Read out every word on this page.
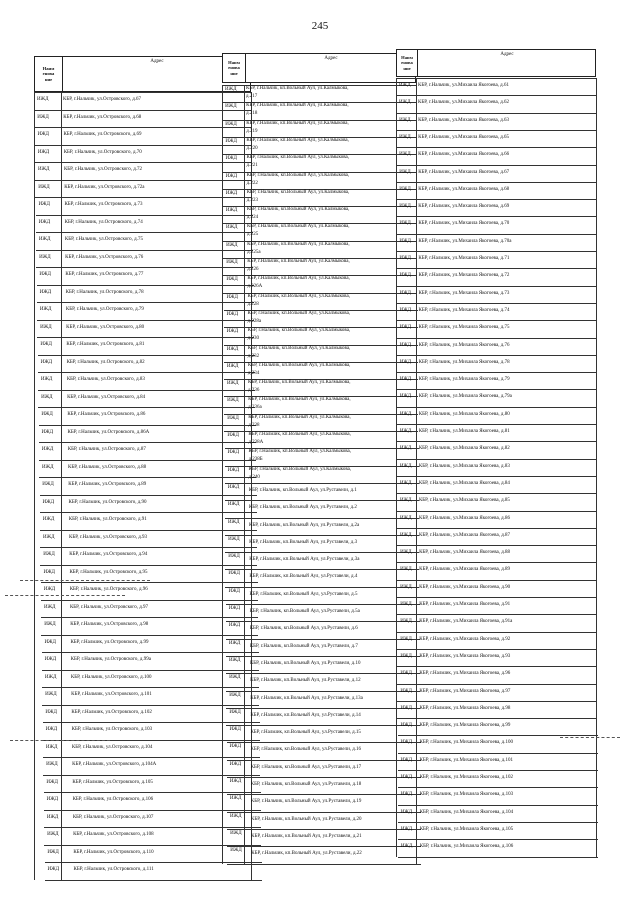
245
Наим
енова
ние
Адрес
ИЖД	КБР, г.Нальчик, ул.Островского, д.67
ИЖД	КБР, г.Нальчик, ул.Островского, д.68
ИЖД	КБР, г.Нальчик, ул.Островского, д.69
ИЖД	КБР, г.Нальчик, ул.Островского, д.70
ИЖД	КБР, г.Нальчик, ул.Островского, д.72
ИЖД	КБР, г.Нальчик, ул.Островского, д.72а
ИЖД	КБР, г.Нальчик, ул.Островского, д.73
ИЖД	КБР, г.Нальчик, ул.Островского, д.74
ИЖД	КБР, г.Нальчик, ул.Островского, д.75
ИЖД	КБР, г.Нальчик, ул.Островского, д.76
ИЖД	КБР, г.Нальчик, ул.Островского, д.77
ИЖД	КБР, г.Нальчик, ул.Островского, д.78
ИЖД	КБР, г.Нальчик, ул.Островского, д.79
ИЖД	КБР, г.Нальчик, ул.Островского, д.80
ИЖД	КБР, г.Нальчик, ул.Островского, д.81
ИЖД	КБР, г.Нальчик, ул.Островского, д.82
ИЖД	КБР, г.Нальчик, ул.Островского, д.83
ИЖД	КБР, г.Нальчик, ул.Островского, д.84
ИЖД	КБР, г.Нальчик, ул.Островского, д.86
ИЖД	КБР, г.Нальчик, ул.Островского, д.86А
ИЖД	КБР, г.Нальчик, ул.Островского, д.87
ИЖД	КБР, г.Нальчик, ул.Островского, д.88
ИЖД	КБР, г.Нальчик, ул.Островского, д.89
ИЖД	КБР, г.Нальчик, ул.Островского, д.90
ИЖД	КБР, г.Нальчик, ул.Островского, д.91
ИЖД	КБР, г.Нальчик, ул.Островского, д.93
ИЖД	КБР, г.Нальчик, ул.Островского, д.94
ИЖД	КБР, г.Нальчик, ул.Островского, д.95
ИЖД	КБР, г.Нальчик, ул.Островского, д.96
ИЖД	КБР, г.Нальчик, ул.Островского, д.97
ИЖД	КБР, г.Нальчик, ул.Островского, д.98
ИЖД	КБР, г.Нальчик, ул.Островского, д.99
ИЖД	КБР, г.Нальчик, ул.Островского, д.99а
ИЖД	КБР, г.Нальчик, ул.Островского, д.100
ИЖД	КБР, г.Нальчик, ул.Островского, д.101
ИЖД	КБР, г.Нальчик, ул.Островского, д.102
ИЖД	КБР, г.Нальчик, ул.Островского, д.103
ИЖД	КБР, г.Нальчик, ул.Островского, д.104
ИЖД	КБР, г.Нальчик, ул.Островского, д.104А
ИЖД	КБР, г.Нальчик, ул.Островского, д.105
ИЖД	КБР, г.Нальчик, ул.Островского, д.106
ИЖД	КБР, г.Нальчик, ул.Островского, д.107
ИЖД	КБР, г.Нальчик, ул.Островского, д.108
ИЖД	КБР, г.Нальчик, ул.Островского, д.110
ИЖД	КБР, г.Нальчик, ул.Островского, д.111
Наим
енова
ние
Адрес
ИЖД КБР, г.Нальчик, кп.Вольный Аул, ул.Калмыкова,
д.217
ИЖД КБР, г.Нальчик, кп.Вольный Аул, ул.Калмыкова,
д.218
ИЖД КБР, г.Нальчик, кп.Вольный Аул, ул.Калмыкова,
д.219
ИЖД КБР, г.Нальчик, кп.Вольный Аул, ул.Калмыкова,
д.220
ИЖД КБР, г.Нальчик, кп.Вольный Аул, ул.Калмыкова,
д.221
ИЖД КБР, г.Нальчик, кп.Вольный Аул, ул.Калмыкова,
д.222
ИЖД КБР, г.Нальчик, кп.Вольный Аул, ул.Калмыкова,
д.223
ИЖД КБР, г.Нальчик, кп.Вольный Аул, ул.Калмыкова,
д.224
ИЖД КБР, г.Нальчик, кп.Вольный Аул, ул.Калмыкова,
д.225
ИЖД КБР, г.Нальчик, кп.Вольный Аул, ул.Калмыкова,
д.225а
ИЖД КБР, г.Нальчик, кп.Вольный Аул, ул.Калмыкова,
д.226
ИЖД КБР, г.Нальчик, кп.Вольный Аул, ул.Калмыкова,
д.226А
ИЖД КБР, г.Нальчик, кп.Вольный Аул, ул.Калмыкова,
д.228
ИЖД КБР, г.Нальчик, кп.Вольный Аул, ул.Калмыкова,
д.228а
ИЖД КБР, г.Нальчик, кп.Вольный Аул, ул.Калмыкова,
д.230
ИЖД КБР, г.Нальчик, кп.Вольный Аул, ул.Калмыкова,
д.232
ИЖД КБР, г.Нальчик, кп.Вольный Аул, ул.Калмыкова,
д.234
ИЖД КБР, г.Нальчик, кп.Вольный Аул, ул.Калмыкова,
д.236
ИЖД КБР, г.Нальчик, кп.Вольный Аул, ул.Калмыкова,
д.236а
ИЖД КБР, г.Нальчик, кп.Вольный Аул, ул.Калмыкова,
д.238
ИЖД КБР, г.Нальчик, кп.Вольный Аул, ул.Калмыкова,
д.238А
ИЖД КБР, г.Нальчик, кп.Вольный Аул, ул.Калмыкова,
д.238Б
ИЖД КБР, г.Нальчик, кп.Вольный Аул, ул.Калмыкова,
д.240
ИЖД
КБР, г.Нальчик, кп.Вольный Аул, ул.Руставели, д.1
ИЖД
КБР, г.Нальчик, кп.Вольный Аул, ул.Руставели, д.2
ИЖД
КБР, г.Нальчик, кп.Вольный Аул, ул.Руставели, д.2а
ИЖД
КБР, г.Нальчик, кп.Вольный Аул, ул.Руставели, д.3
ИЖД
КБР, г.Нальчик, кп.Вольный Аул, ул.Руставели, д.3а
ИЖД
КБР, г.Нальчик, кп.Вольный Аул, ул.Руставели, д.4
ИЖД
КБР, г.Нальчик, кп.Вольный Аул, ул.Руставели, д.5
ИЖД
КБР, г.Нальчик, кп.Вольный Аул, ул.Руставели, д.5а
ИЖД
КБР, г.Нальчик, кп.Вольный Аул, ул.Руставели, д.6
ИЖД
КБР, г.Нальчик, кп.Вольный Аул, ул.Руставели, д.7
ИЖД
КБР, г.Нальчик, кп.Вольный Аул, ул.Руставели, д.10
ИЖД
КБР, г.Нальчик, кп.Вольный Аул, ул.Руставели, д.12
ИЖД
КБР, г.Нальчик, кп.Вольный Аул, ул.Руставели, д.13а
ИЖД
КБР, г.Нальчик, кп.Вольный Аул, ул.Руставели, д.14
ИЖД
КБР, г.Нальчик, кп.Вольный Аул, ул.Руставели, д.15
ИЖД
КБР, г.Нальчик, кп.Вольный Аул, ул.Руставели, д.16
ИЖД
КБР, г.Нальчик, кп.Вольный Аул, ул.Руставели, д.17
ИЖД
КБР, г.Нальчик, кп.Вольный Аул, ул.Руставели, д.18
ИЖД
КБР, г.Нальчик, кп.Вольный Аул, ул.Руставели, д.19
ИЖД
КБР, г.Нальчик, кп.Вольный Аул, ул.Руставели, д.20
ИЖД
КБР, г.Нальчик, кп.Вольный Аул, ул.Руставели, д.21
ИЖД
КБР, г.Нальчик, кп.Вольный Аул, ул.Руставели, д.22
Наим
енова
ние
Адрес
ИЖД КБР, г.Нальчик, ул.Михаила Якогоева, д.61
ИЖД КБР, г.Нальчик, ул.Михаила Якогоева, д.62
ИЖД КБР, г.Нальчик, ул.Михаила Якогоева, д.63
ИЖД КБР, г.Нальчик, ул.Михаила Якогоева, д.65
ИЖД КБР, г.Нальчик, ул.Михаила Якогоева, д.66
ИЖД КБР, г.Нальчик, ул.Михаила Якогоева, д.67
ИЖД КБР, г.Нальчик, ул.Михаила Якогоева, д.68
ИЖД КБР, г.Нальчик, ул.Михаила Якогоева, д.69
ИЖД КБР, г.Нальчик, ул.Михаила Якогоева, д.70
ИЖД КБР, г.Нальчик, ул.Михаила Якогоева, д.70а
ИЖД КБР, г.Нальчик, ул.Михаила Якогоева, д.71
ИЖД КБР, г.Нальчик, ул.Михаила Якогоева, д.72
ИЖД КБР, г.Нальчик, ул.Михаила Якогоева, д.73
ИЖД КБР, г.Нальчик, ул.Михаила Якогоева, д.74
ИЖД КБР, г.Нальчик, ул.Михаила Якогоева, д.75
ИЖД КБР, г.Нальчик, ул.Михаила Якогоева, д.76
ИЖД КБР, г.Нальчик, ул.Михаила Якогоева, д.78
ИЖД КБР, г.Нальчик, ул.Михаила Якогоева, д.79
ИЖД КБР, г.Нальчик, ул.Михаила Якогоева, д.79а
ИЖД КБР, г.Нальчик, ул.Михаила Якогоева, д.80
ИЖД КБР, г.Нальчик, ул.Михаила Якогоева, д.81
ИЖД КБР, г.Нальчик, ул.Михаила Якогоева, д.82
ИЖД КБР, г.Нальчик, ул.Михаила Якогоева, д.83
ИЖД КБР, г.Нальчик, ул.Михаила Якогоева, д.84
ИЖД КБР, г.Нальчик, ул.Михаила Якогоева, д.85
ИЖД КБР, г.Нальчик, ул.Михаила Якогоева, д.86
ИЖД КБР, г.Нальчик, ул.Михаила Якогоева, д.87
ИЖД КБР, г.Нальчик, ул.Михаила Якогоева, д.88
ИЖД КБР, г.Нальчик, ул.Михаила Якогоева, д.89
ИЖД КБР, г.Нальчик, ул.Михаила Якогоева, д.90
ИЖД КБР, г.Нальчик, ул.Михаила Якогоева, д.91
ИЖД КБР, г.Нальчик, ул.Михаила Якогоева, д.91а
ИЖД КБР, г.Нальчик, ул.Михаила Якогоева, д.92
ИЖД КБР, г.Нальчик, ул.Михаила Якогоева, д.93
ИЖД КБР, г.Нальчик, ул.Михаила Якогоева, д.96
ИЖД КБР, г.Нальчик, ул.Михаила Якогоева, д.97
ИЖД КБР, г.Нальчик, ул.Михаила Якогоева, д.98
ИЖД КБР, г.Нальчик, ул.Михаила Якогоева, д.99
ИЖД КБР, г.Нальчик, ул.Михаила Якогоева, д.100
ИЖД КБР, г.Нальчик, ул.Михаила Якогоева, д.101
ИЖД КБР, г.Нальчик, ул.Михаила Якогоева, д.102
ИЖД КБР, г.Нальчик, ул.Михаила Якогоева, д.103
ИЖД КБР, г.Нальчик, ул.Михаила Якогоева, д.104
ИЖД КБР, г.Нальчик, ул.Михаила Якогоева, д.105
ИЖД КБР, г.Нальчик, ул.Михаила Якогоева, д.106
